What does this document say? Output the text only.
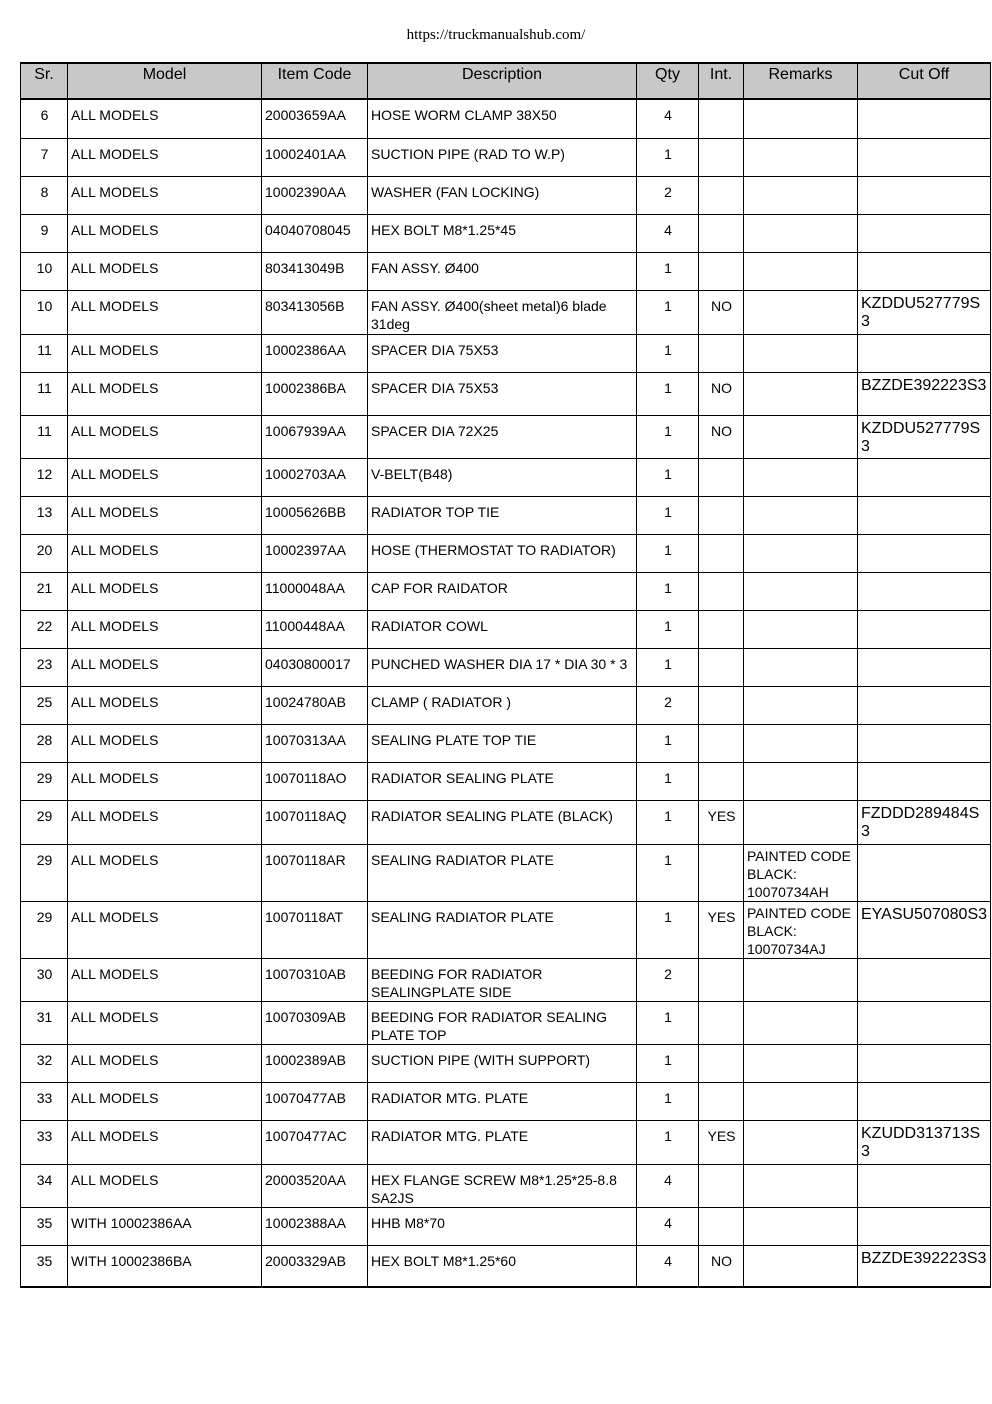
https://truckmanualshub.com/
Sr.	Model	Item Code	Description	Qty	Int.	Remarks	Cut Off
6	ALL MODELS	20003659AA	HOSE WORM CLAMP 38X50	4			
7	ALL MODELS	10002401AA	SUCTION PIPE (RAD TO W.P)	1			
8	ALL MODELS	10002390AA	WASHER (FAN LOCKING)	2			
9	ALL MODELS	04040708045	HEX BOLT M8*1.25*45	4			
10	ALL MODELS	803413049B	FAN ASSY. Ø400	1			
10	ALL MODELS	803413056B	FAN ASSY. Ø400(sheet metal)6 blade 31deg	1	NO		KZDDU527779S3
11	ALL MODELS	10002386AA	SPACER DIA 75X53	1			
11	ALL MODELS	10002386BA	SPACER DIA 75X53	1	NO		BZZDE392223S3
11	ALL MODELS	10067939AA	SPACER DIA 72X25	1	NO		KZDDU527779S3
12	ALL MODELS	10002703AA	V-BELT(B48)	1			
13	ALL MODELS	10005626BB	RADIATOR TOP TIE	1			
20	ALL MODELS	10002397AA	HOSE (THERMOSTAT TO RADIATOR)	1			
21	ALL MODELS	11000048AA	CAP FOR RAIDATOR	1			
22	ALL MODELS	11000448AA	RADIATOR COWL	1			
23	ALL MODELS	04030800017	PUNCHED WASHER DIA 17 * DIA 30 * 3	1			
25	ALL MODELS	10024780AB	CLAMP ( RADIATOR )	2			
28	ALL MODELS	10070313AA	SEALING PLATE TOP TIE	1			
29	ALL MODELS	10070118AO	RADIATOR SEALING PLATE	1			
29	ALL MODELS	10070118AQ	RADIATOR SEALING PLATE (BLACK)	1	YES		FZDDD289484S3
29	ALL MODELS	10070118AR	SEALING RADIATOR PLATE	1		PAINTED CODE BLACK: 10070734AH	
29	ALL MODELS	10070118AT	SEALING RADIATOR PLATE	1	YES	PAINTED CODE BLACK: 10070734AJ	EYASU507080S3
30	ALL MODELS	10070310AB	BEEDING FOR RADIATOR SEALINGPLATE SIDE	2			
31	ALL MODELS	10070309AB	BEEDING FOR RADIATOR SEALING PLATE TOP	1			
32	ALL MODELS	10002389AB	SUCTION PIPE (WITH SUPPORT)	1			
33	ALL MODELS	10070477AB	RADIATOR MTG. PLATE	1			
33	ALL MODELS	10070477AC	RADIATOR MTG. PLATE	1	YES		KZUDD313713S3
34	ALL MODELS	20003520AA	HEX FLANGE SCREW M8*1.25*25-8.8 SA2JS	4			
35	WITH 10002386AA	10002388AA	HHB M8*70	4			
35	WITH 10002386BA	20003329AB	HEX BOLT M8*1.25*60	4	NO		BZZDE392223S3
